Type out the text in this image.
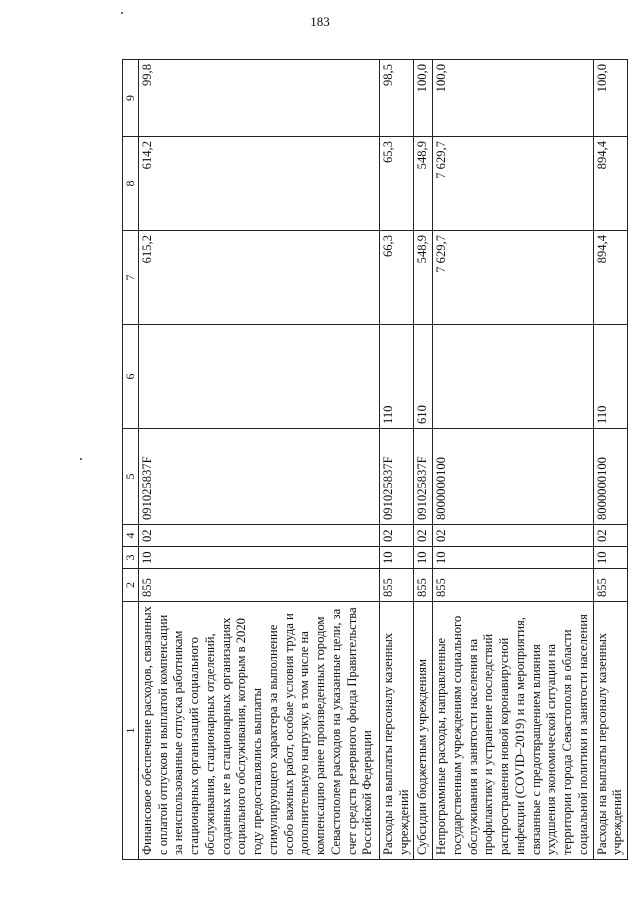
183
1	2	3	4	5	6	7	8	9
Финансовое обеспечение расходов, связанных с оплатой отпусков и выплатой компенсации за неиспользованные отпуска работникам стационарных организаций социального обслуживания, стационарных отделений, созданных не в стационарных организациях социального обслуживания, которым в 2020 году предоставлялись выплаты стимулирующего характера за выполнение особо важных работ, особые условия труда и дополнительную нагрузку, в том числе на компенсацию ранее произведенных городом Севастополем расходов на указанные цели, за счет средств резервного фонда Правительства Российской Федерации	855	10	02	091025837F		615,2	614,2	99,8
Расходы на выплаты персоналу казенных учреждений	855	10	02	091025837F	110	66,3	65,3	98,5
Субсидии бюджетным учреждениям	855	10	02	091025837F	610	548,9	548,9	100,0
Непрограммные расходы, направленные государственным учреждениям социального обслуживания и занятости населения на профилактику и устранение последствий распространения новой коронавирусной инфекции (COVID–2019) и на мероприятия, связанные с предотвращением влияния ухудшения экономической ситуации на территории города Севастополя в области социальной политики и занятости населения	855	10	02	8000000100		7 629,7	7 629,7	100,0
Расходы на выплаты персоналу казенных учреждений	855	10	02	8000000100	110	894,4	894,4	100,0
